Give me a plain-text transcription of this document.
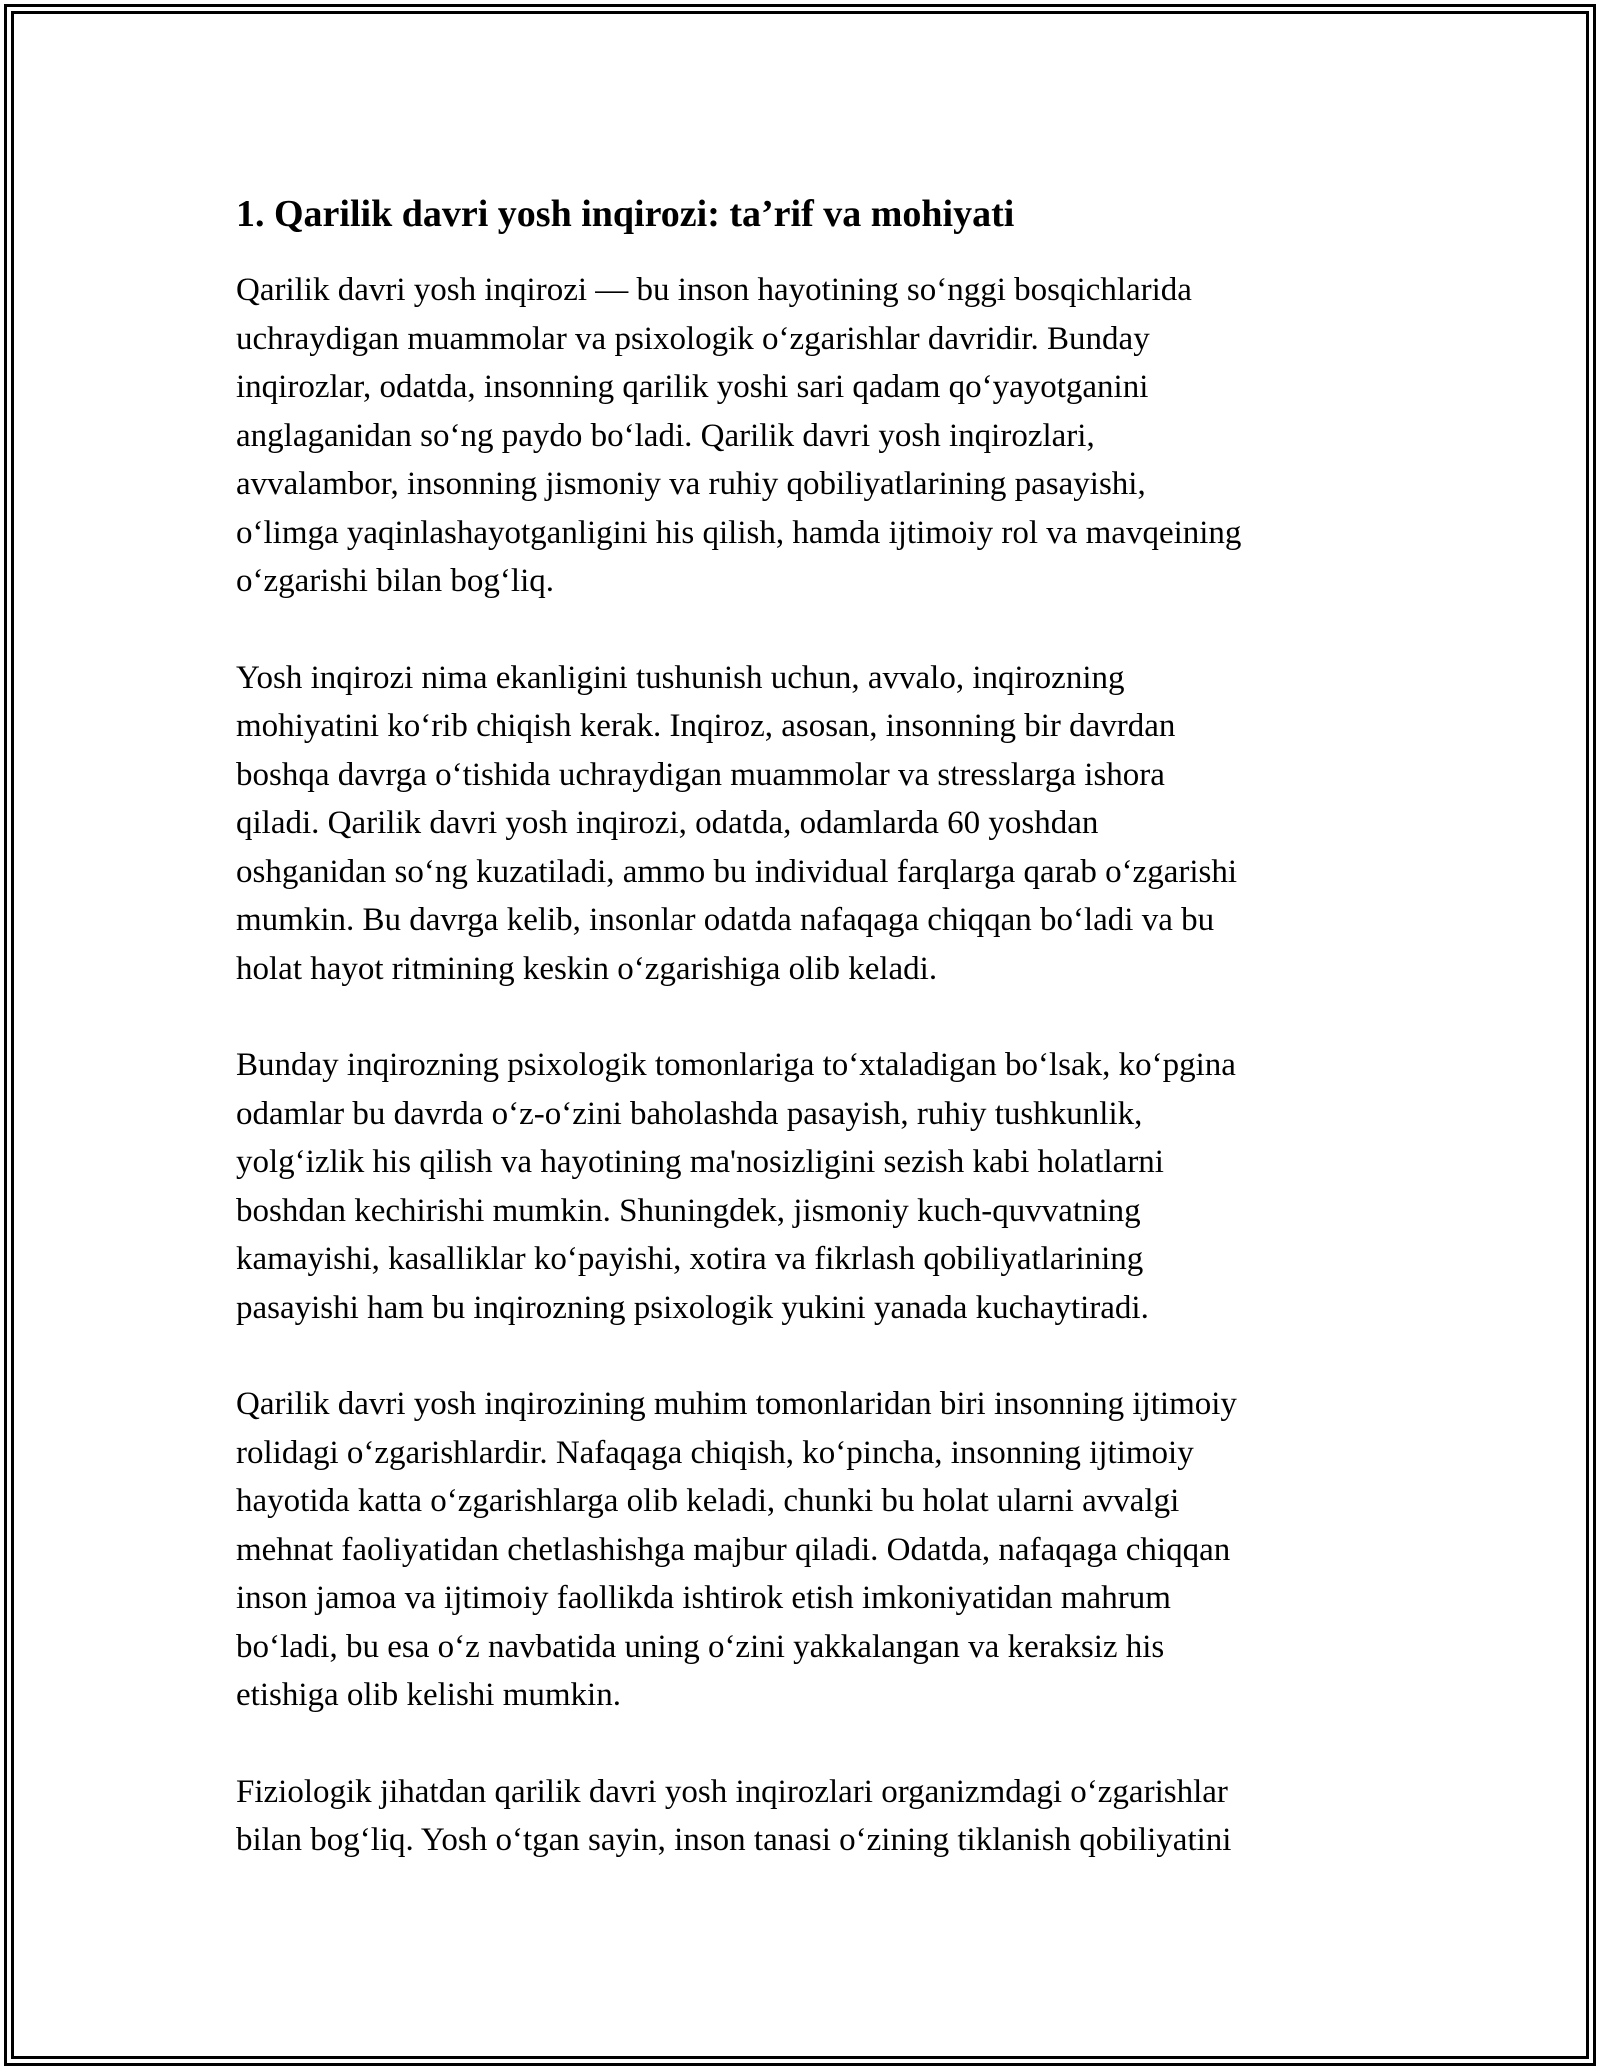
1. Qarilik davri yosh inqirozi: ta’rif va mohiyati

Qarilik davri yosh inqirozi — bu inson hayotining so‘nggi bosqichlarida
uchraydigan muammolar va psixologik o‘zgarishlar davridir. Bunday
inqirozlar, odatda, insonning qarilik yoshi sari qadam qo‘yayotganini
anglaganidan so‘ng paydo bo‘ladi. Qarilik davri yosh inqirozlari,
avvalambor, insonning jismoniy va ruhiy qobiliyatlarining pasayishi,
o‘limga yaqinlashayotganligini his qilish, hamda ijtimoiy rol va mavqeining
o‘zgarishi bilan bog‘liq.

Yosh inqirozi nima ekanligini tushunish uchun, avvalo, inqirozning
mohiyatini ko‘rib chiqish kerak. Inqiroz, asosan, insonning bir davrdan
boshqa davrga o‘tishida uchraydigan muammolar va stresslarga ishora
qiladi. Qarilik davri yosh inqirozi, odatda, odamlarda 60 yoshdan
oshganidan so‘ng kuzatiladi, ammo bu individual farqlarga qarab o‘zgarishi
mumkin. Bu davrga kelib, insonlar odatda nafaqaga chiqqan bo‘ladi va bu
holat hayot ritmining keskin o‘zgarishiga olib keladi.

Bunday inqirozning psixologik tomonlariga to‘xtaladigan bo‘lsak, ko‘pgina
odamlar bu davrda o‘z-o‘zini baholashda pasayish, ruhiy tushkunlik,
yolg‘izlik his qilish va hayotining ma'nosizligini sezish kabi holatlarni
boshdan kechirishi mumkin. Shuningdek, jismoniy kuch-quvvatning
kamayishi, kasalliklar ko‘payishi, xotira va fikrlash qobiliyatlarining
pasayishi ham bu inqirozning psixologik yukini yanada kuchaytiradi.

Qarilik davri yosh inqirozining muhim tomonlaridan biri insonning ijtimoiy
rolidagi o‘zgarishlardir. Nafaqaga chiqish, ko‘pincha, insonning ijtimoiy
hayotida katta o‘zgarishlarga olib keladi, chunki bu holat ularni avvalgi
mehnat faoliyatidan chetlashishga majbur qiladi. Odatda, nafaqaga chiqqan
inson jamoa va ijtimoiy faollikda ishtirok etish imkoniyatidan mahrum
bo‘ladi, bu esa o‘z navbatida uning o‘zini yakkalangan va keraksiz his
etishiga olib kelishi mumkin.

Fiziologik jihatdan qarilik davri yosh inqirozlari organizmdagi o‘zgarishlar
bilan bog‘liq. Yosh o‘tgan sayin, inson tanasi o‘zining tiklanish qobiliyatini
